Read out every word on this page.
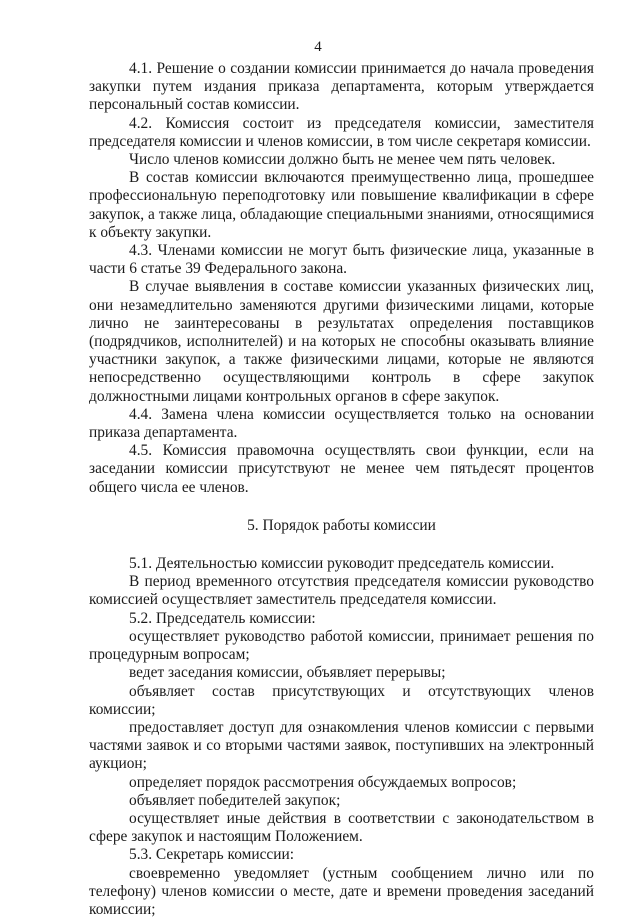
4

4.1. Решение о создании комиссии принимается до начала проведения закупки путем издания приказа департамента, которым утверждается персональный состав комиссии.

4.2. Комиссия состоит из председателя комиссии, заместителя председателя комиссии и членов комиссии, в том числе секретаря комиссии.

Число членов комиссии должно быть не менее чем пять человек.

В состав комиссии включаются преимущественно лица, прошедшее профессиональную переподготовку или повышение квалификации в сфере закупок, а также лица, обладающие специальными знаниями, относящимися к объекту закупки.

4.3. Членами комиссии не могут быть физические лица, указанные в части 6 статье 39 Федерального закона.

В случае выявления в составе комиссии указанных физических лиц, они незамедлительно заменяются другими физическими лицами, которые лично не заинтересованы в результатах определения поставщиков (подрядчиков, исполнителей) и на которых не способны оказывать влияние участники закупок, а также физическими лицами, которые не являются непосредственно осуществляющими контроль в сфере закупок должностными лицами контрольных органов в сфере закупок.

4.4. Замена члена комиссии осуществляется только на основании приказа департамента.

4.5. Комиссия правомочна осуществлять свои функции, если на заседании комиссии присутствуют не менее чем пятьдесят процентов общего числа ее членов.

5. Порядок работы комиссии

5.1. Деятельностью комиссии руководит председатель комиссии.

В период временного отсутствия председателя комиссии руководство комиссией осуществляет заместитель председателя комиссии.

5.2. Председатель комиссии:

осуществляет руководство работой комиссии, принимает решения по процедурным вопросам;

ведет заседания комиссии, объявляет перерывы;

объявляет состав присутствующих и отсутствующих членов комиссии;

предоставляет доступ для ознакомления членов комиссии с первыми частями заявок и со вторыми частями заявок, поступивших на электронный аукцион;

определяет порядок рассмотрения обсуждаемых вопросов;

объявляет победителей закупок;

осуществляет иные действия в соответствии с законодательством в сфере закупок и настоящим Положением.

5.3. Секретарь комиссии:

своевременно уведомляет (устным сообщением лично или по телефону) членов комиссии о месте, дате и времени проведения заседаний комиссии;
